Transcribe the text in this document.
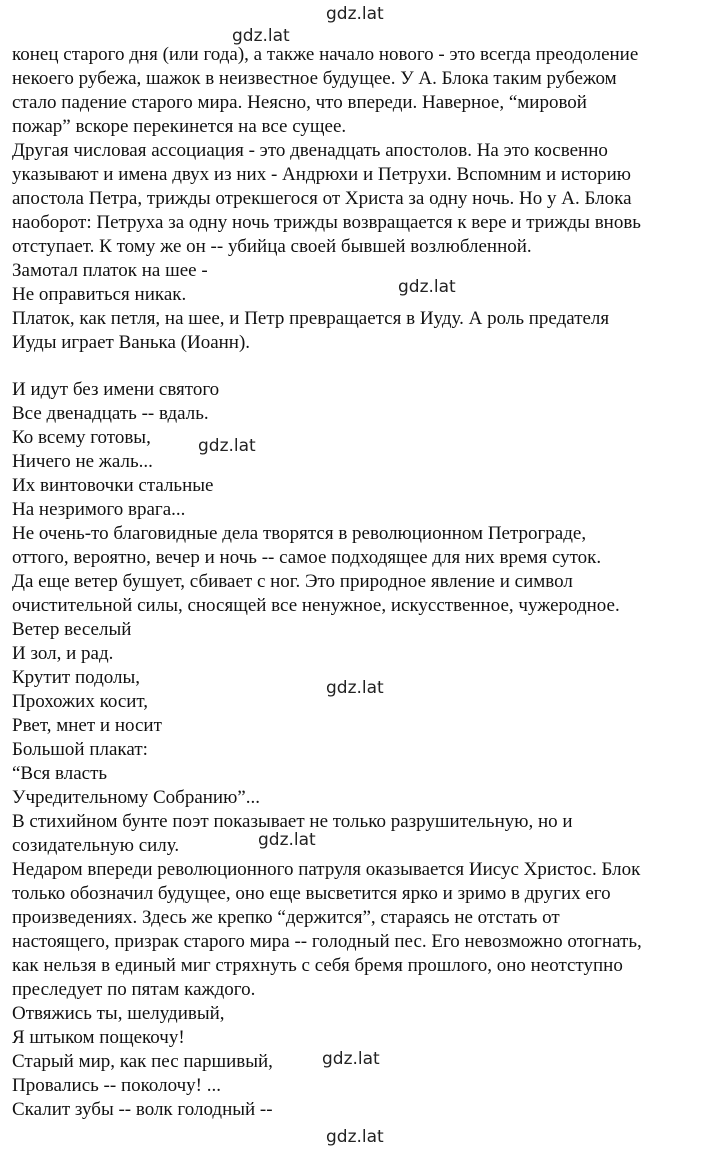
gdz.lat
gdz.lat
gdz.lat
gdz.lat
gdz.lat
gdz.lat
gdz.lat
gdz.lat
конец старого дня (или года), а также начало нового - это всегда преодоление
некоего рубежа, шажок в неизвестное будущее. У А. Блока таким рубежом
стало падение старого мира. Неясно, что впереди. Наверное, “мировой
пожар” вскоре перекинется на все сущее.
Другая числовая ассоциация - это двенадцать апостолов. На это косвенно
указывают и имена двух из них - Андрюхи и Петрухи. Вспомним и историю
апостола Петра, трижды отрекшегося от Христа за одну ночь. Но у А. Блока
наоборот: Петруха за одну ночь трижды возвращается к вере и трижды вновь
отступает. К тому же он -- убийца своей бывшей возлюбленной.
Замотал платок на шее -
Не оправиться никак.
Платок, как петля, на шее, и Петр превращается в Иуду. А роль предателя
Иуды играет Ванька (Иоанн).
И идут без имени святого
Все двенадцать -- вдаль.
Ко всему готовы,
Ничего не жаль...
Их винтовочки стальные
На незримого врага...
Не очень-то благовидные дела творятся в революционном Петрограде,
оттого, вероятно, вечер и ночь -- самое подходящее для них время суток.
Да еще ветер бушует, сбивает с ног. Это природное явление и символ
очистительной силы, сносящей все ненужное, искусственное, чужеродное.
Ветер веселый
И зол, и рад.
Крутит подолы,
Прохожих косит,
Рвет, мнет и носит
Большой плакат:
“Вся власть
Учредительному Собранию”...
В стихийном бунте поэт показывает не только разрушительную, но и
созидательную силу.
Недаром впереди революционного патруля оказывается Иисус Христос. Блок
только обозначил будущее, оно еще высветится ярко и зримо в других его
произведениях. Здесь же крепко “держится”, стараясь не отстать от
настоящего, призрак старого мира -- голодный пес. Его невозможно отогнать,
как нельзя в единый миг стряхнуть с себя бремя прошлого, оно неотступно
преследует по пятам каждого.
Отвяжись ты, шелудивый,
Я штыком пощекочу!
Старый мир, как пес паршивый,
Провались -- поколочу! ...
Скалит зубы -- волк голодный --
